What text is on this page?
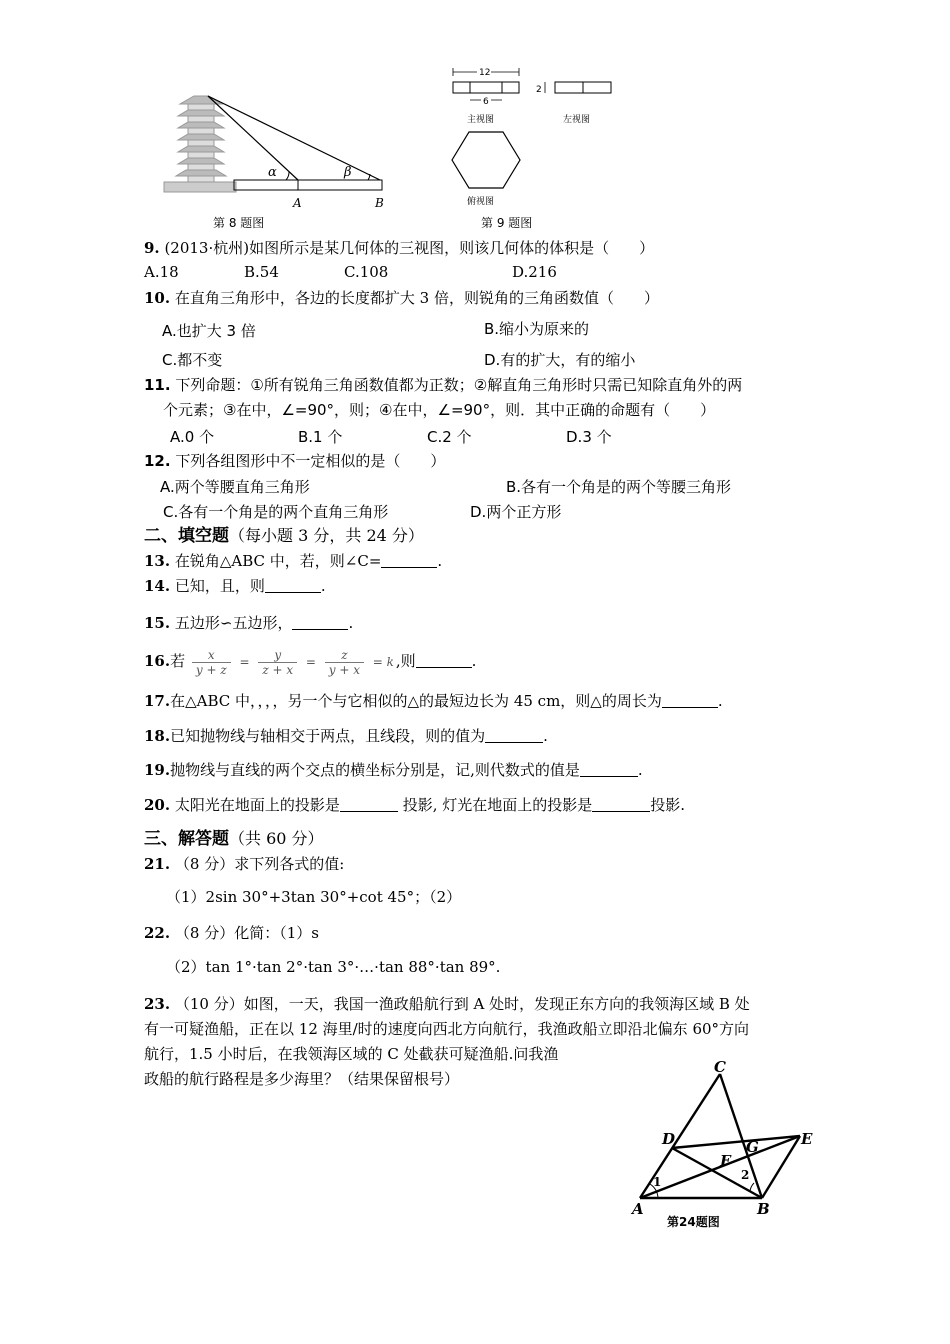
α	β
A	B
第 8 题图
12
6
主视图
2
左视图
俯视图
第 9 题图
9. (2013·杭州)如图所示是某几何体的三视图，则该几何体的体积是（　　）
A.18	B.54	C.108	D.216
10. 在直角三角形中，各边的长度都扩大 3 倍，则锐角的三角函数值（　　）
A.也扩大 3 倍	B.缩小为原来的
C.都不变	D.有的扩大，有的缩小
11. 下列命题：①所有锐角三角函数值都为正数；②解直角三角形时只需已知除直角外的两
个元素；③在中，∠=90°，则；④在中，∠=90°，则．其中正确的命题有（　　）
A.0 个	B.1 个	C.2 个	D.3 个
12. 下列各组图形中不一定相似的是（　　）
A.两个等腰直角三角形	B.各有一个角是的两个等腰三角形
C.各有一个角是的两个直角三角形	D.两个正方形
二、填空题（每小题 3 分，共 24 分）
13. 在锐角△ABC 中，若，则∠C=	.
14. 已知，且，则	.
15. 五边形∽五边形，	.
16.若 $\frac{x}{y + z} = \frac{y}{z + x} = \frac{z}{y + x} = k$ ,则	.
17.在△ABC 中，，，，另一个与它相似的△的最短边长为 45 cm，则△的周长为	.
18.已知抛物线与轴相交于两点，且线段，则的值为	.
19.抛物线与直线的两个交点的横坐标分别是，记,则代数式的值是	.
20. 太阳光在地面上的投影是	投影, 灯光在地面上的投影是	投影.
三、解答题（共 60 分）
21. （8 分）求下列各式的值:
（1）2sin 30°+3tan 30°+cot 45°；（2）
22. （8 分）化简：（1）s
（2）tan 1°·tan 2°·tan 3°·…·tan 88°·tan 89°.
23. （10 分）如图，一天，我国一渔政船航行到 A 处时，发现正东方向的我领海区域 B 处
有一可疑渔船，正在以 12 海里/时的速度向西北方向航行，我渔政船立即沿北偏东 60°方向
航行，1.5 小时后，在我领海区域的 C 处截获可疑渔船.问我渔
政船的航行路程是多少海里？（结果保留根号）
C
D	G	E
F
A	B
1	2
第24题图
